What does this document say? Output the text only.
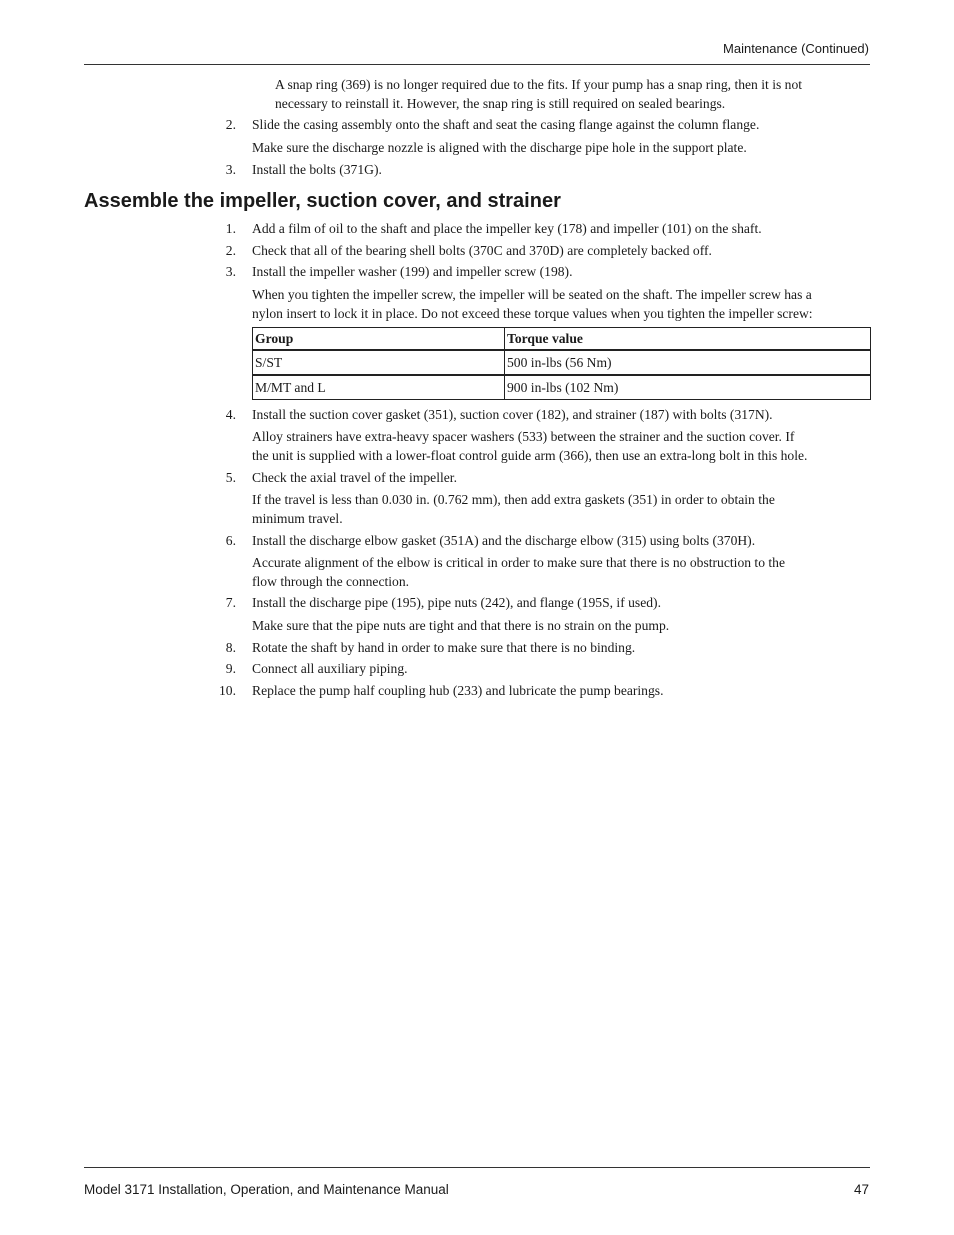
Maintenance (Continued)
A snap ring (369) is no longer required due to the fits. If your pump has a snap ring, then it is not
necessary to reinstall it. However, the snap ring is still required on sealed bearings.
2. Slide the casing assembly onto the shaft and seat the casing flange against the column flange.
Make sure the discharge nozzle is aligned with the discharge pipe hole in the support plate.
3. Install the bolts (371G).
Assemble the impeller, suction cover, and strainer
1. Add a film of oil to the shaft and place the impeller key (178) and impeller (101) on the shaft.
2. Check that all of the bearing shell bolts (370C and 370D) are completely backed off.
3. Install the impeller washer (199) and impeller screw (198).
When you tighten the impeller screw, the impeller will be seated on the shaft. The impeller screw has a
nylon insert to lock it in place. Do not exceed these torque values when you tighten the impeller screw:
Group	Torque value
S/ST	500 in-lbs (56 Nm)
M/MT and L	900 in-lbs (102 Nm)
4. Install the suction cover gasket (351), suction cover (182), and strainer (187) with bolts (317N).
Alloy strainers have extra-heavy spacer washers (533) between the strainer and the suction cover. If
the unit is supplied with a lower-float control guide arm (366), then use an extra-long bolt in this hole.
5. Check the axial travel of the impeller.
If the travel is less than 0.030 in. (0.762 mm), then add extra gaskets (351) in order to obtain the
minimum travel.
6. Install the discharge elbow gasket (351A) and the discharge elbow (315) using bolts (370H).
Accurate alignment of the elbow is critical in order to make sure that there is no obstruction to the
flow through the connection.
7. Install the discharge pipe (195), pipe nuts (242), and flange (195S, if used).
Make sure that the pipe nuts are tight and that there is no strain on the pump.
8. Rotate the shaft by hand in order to make sure that there is no binding.
9. Connect all auxiliary piping.
10. Replace the pump half coupling hub (233) and lubricate the pump bearings.
Model 3171 Installation, Operation, and Maintenance Manual	47
